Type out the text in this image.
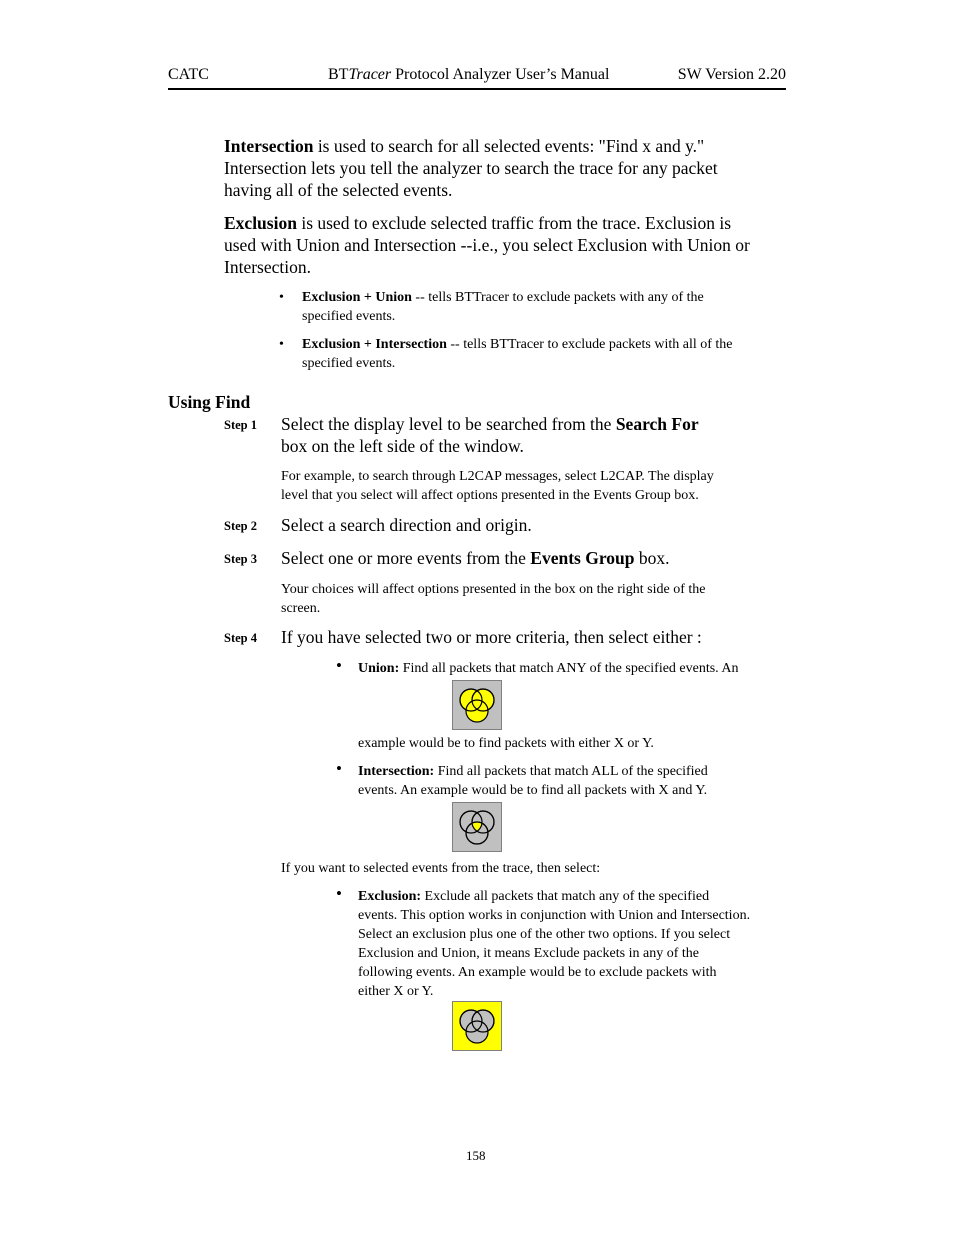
CATC	BTTracer Protocol Analyzer User’s Manual	SW Version 2.20
Intersection is used to search for all selected events: "Find x and y."
Intersection lets you tell the analyzer to search the trace for any packet
having all of the selected events.
Exclusion is used to exclude selected traffic from the trace. Exclusion is
used with Union and Intersection --i.e., you select Exclusion with Union or
Intersection.
• Exclusion + Union -- tells BTTracer to exclude packets with any of the
specified events.
• Exclusion + Intersection -- tells BTTracer to exclude packets with all of the
specified events.
Using Find
Step 1 Select the display level to be searched from the Search For
box on the left side of the window.
For example, to search through L2CAP messages, select L2CAP. The display
level that you select will affect options presented in the Events Group box.
Step 2 Select a search direction and origin.
Step 3 Select one or more events from the Events Group box.
Your choices will affect options presented in the box on the right side of the
screen.
Step 4 If you have selected two or more criteria, then select either :
• Union: Find all packets that match ANY of the specified events. An
example would be to find packets with either X or Y.
• Intersection: Find all packets that match ALL of the specified
events. An example would be to find all packets with X and Y.
If you want to selected events from the trace, then select:
• Exclusion: Exclude all packets that match any of the specified
events. This option works in conjunction with Union and Intersection.
Select an exclusion plus one of the other two options. If you select
Exclusion and Union, it means Exclude packets in any of the
following events. An example would be to exclude packets with
either X or Y.
158
